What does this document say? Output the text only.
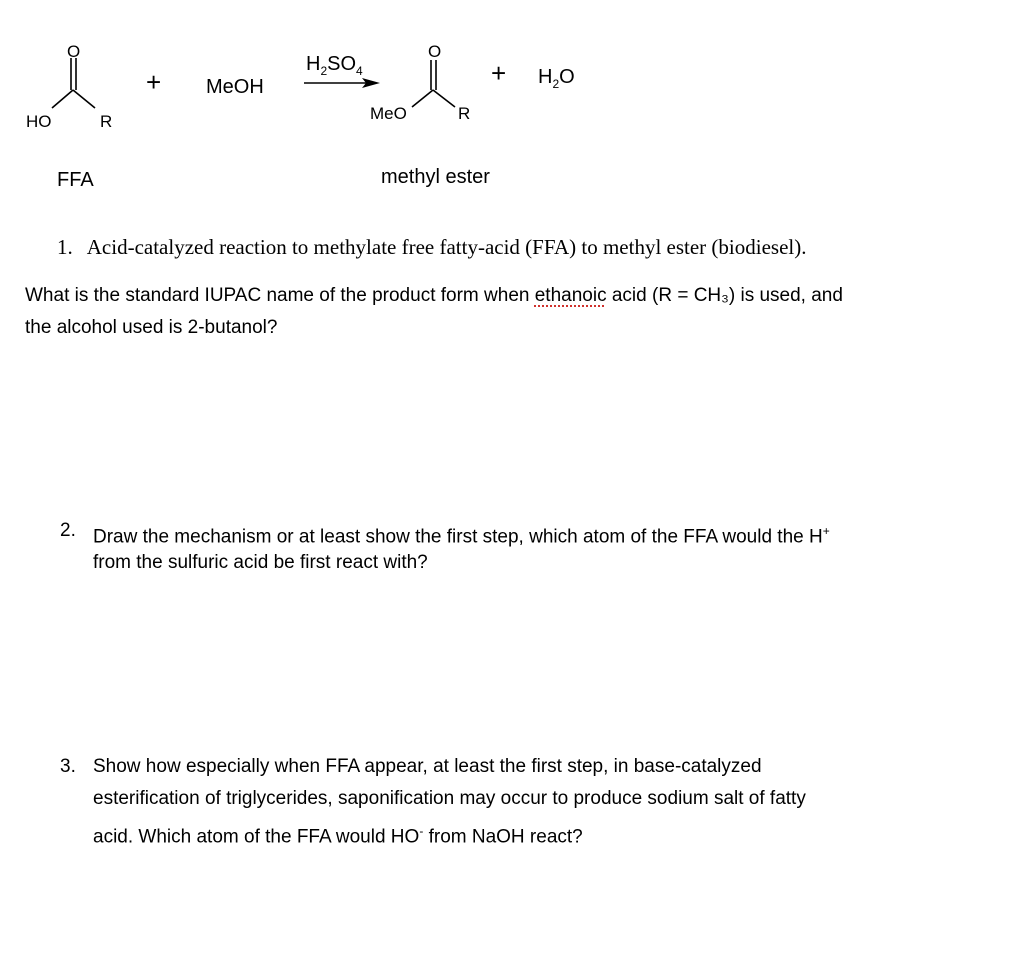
O
HO	R
FFA
+ MeOH
$H_2SO_4$
O
MeO	R
methyl ester
+ $H_2O$
1. Acid-catalyzed reaction to methylate free fatty-acid (FFA) to methyl ester (biodiesel).
What is the standard IUPAC name of the product form when ethanoic acid (R = CH₃) is used, and
the alcohol used is 2-butanol?
2. Draw the mechanism or at least show the first step, which atom of the FFA would the H+
from the sulfuric acid be first react with?
3. Show how especially when FFA appear, at least the first step, in base-catalyzed
esterification of triglycerides, saponification may occur to produce sodium salt of fatty
acid. Which atom of the FFA would HO- from NaOH react?
